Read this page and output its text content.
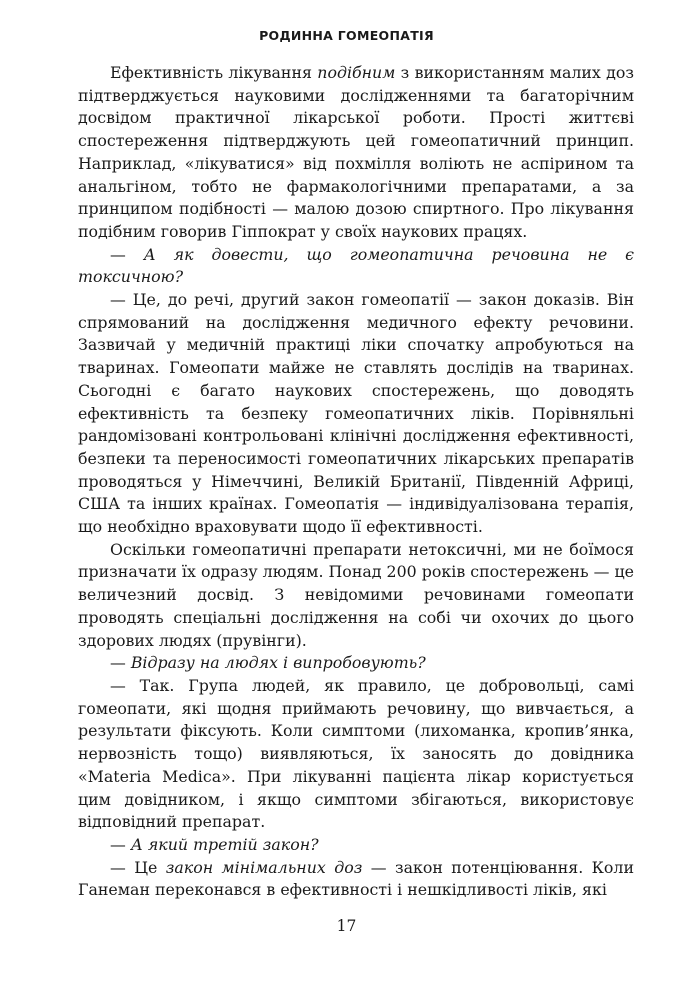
РОДИННА ГОМЕОПАТІЯ

Ефективність лікування подібним з використанням малих доз підтверджується науковими дослідженнями та багаторічним досвідом практичної лікарської роботи. Прості життєві спостереження підтверджують цей гомеопатичний принцип. Наприклад, «лікуватися» від похмілля воліють не аспірином та анальгіном, тобто не фармакологічними препаратами, а за принципом подібності — малою дозою спиртного. Про лікування подібним говорив Гіппократ у своїх наукових працях.

— А як довести, що гомеопатична речовина не є токсичною?

— Це, до речі, другий закон гомеопатії — закон доказів. Він спрямований на дослідження медичного ефекту речовини. Зазвичай у медичній практиці ліки спочатку апробуються на тваринах. Гомеопати майже не ставлять дослідів на тваринах. Сьогодні є багато наукових спостережень, що доводять ефективність та безпеку гомеопатичних ліків. Порівняльні рандомізовані контрольовані клінічні дослідження ефективності, безпеки та переносимості гомеопатичних лікарських препаратів проводяться у Німеччині, Великій Британії, Південній Африці, США та інших країнах. Гомеопатія — індивідуалізована терапія, що необхідно враховувати щодо її ефективності.

Оскільки гомеопатичні препарати нетоксичні, ми не боїмося призначати їх одразу людям. Понад 200 років спостережень — це величезний досвід. З невідомими речовинами гомеопати проводять спеціальні дослідження на собі чи охочих до цього здорових людях (прувінги).

— Відразу на людях і випробовують?

— Так. Група людей, як правило, це добровольці, самі гомеопати, які щодня приймають речовину, що вивчається, а результати фіксують. Коли симптоми (лихоманка, кропив’янка, нервозність тощо) виявляються, їх заносять до довідника «Materia Medica». При лікуванні пацієнта лікар користується цим довідником, і якщо симптоми збігаються, використовує відповідний препарат.

— А який третій закон?

— Це закон мінімальних доз — закон потенціювання. Коли Ганеман переконався в ефективності і нешкідливості ліків, які

17
